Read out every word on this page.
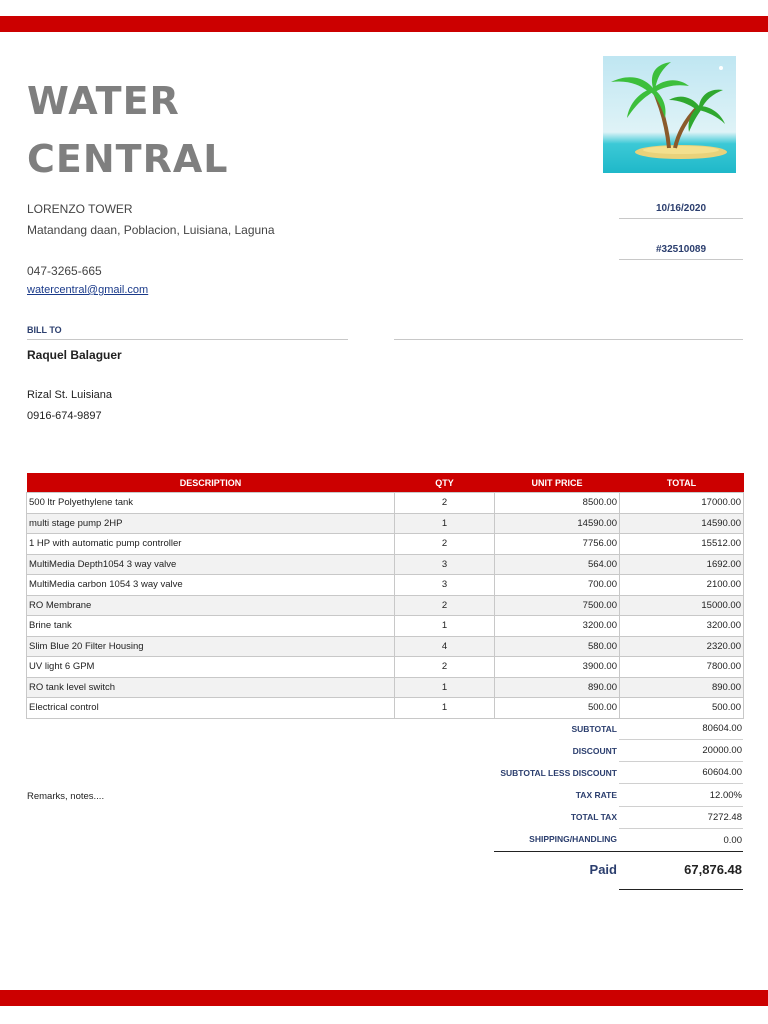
WATER
CENTRAL
LORENZO TOWER
Matandang daan, Poblacion, Luisiana, Laguna
047-3265-665
watercentral@gmail.com
10/16/2020
#32510089
BILL TO
Raquel Balaguer
Rizal St. Luisiana
0916-674-9897
DESCRIPTION	QTY	UNIT PRICE	TOTAL
500 ltr Polyethylene tank	2	8500.00	17000.00
multi stage pump 2HP	1	14590.00	14590.00
1 HP with automatic pump controller	2	7756.00	15512.00
MultiMedia Depth1054 3 way valve	3	564.00	1692.00
MultiMedia carbon 1054 3 way valve	3	700.00	2100.00
RO Membrane	2	7500.00	15000.00
Brine tank	1	3200.00	3200.00
Slim Blue 20 Filter Housing	4	580.00	2320.00
UV light 6 GPM	2	3900.00	7800.00
RO tank level switch	1	890.00	890.00
Electrical control	1	500.00	500.00
SUBTOTAL	80604.00
DISCOUNT	20000.00
SUBTOTAL LESS DISCOUNT	60604.00
TAX RATE	12.00%
TOTAL TAX	7272.48
SHIPPING/HANDLING	0.00
Remarks, notes....
Paid	67,876.48
